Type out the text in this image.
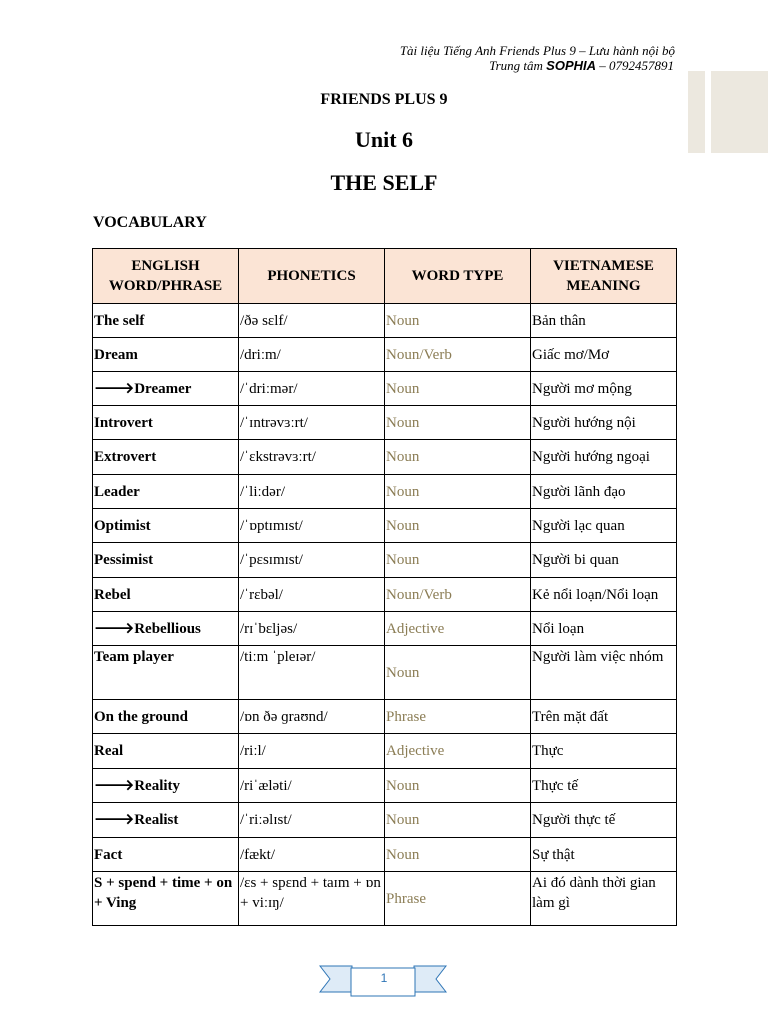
Tài liệu Tiếng Anh Friends Plus 9 – Lưu hành nội bộ
Trung tâm SOPHIA – 0792457891
FRIENDS PLUS 9
Unit 6
THE SELF
VOCABULARY
ENGLISH WORD/PHRASE	PHONETICS	WORD TYPE	VIETNAMESE MEANING
The self	/ðə sɛlf/	Noun	Bản thân
Dream	/driːm/	Noun/Verb	Giấc mơ/Mơ
🡒Dreamer	/ˈdriːmər/	Noun	Người mơ mộng
Introvert	/ˈɪntrəvɜːrt/	Noun	Người hướng nội
Extrovert	/ˈɛkstrəvɜːrt/	Noun	Người hướng ngoại
Leader	/ˈliːdər/	Noun	Người lãnh đạo
Optimist	/ˈɒptɪmɪst/	Noun	Người lạc quan
Pessimist	/ˈpɛsɪmɪst/	Noun	Người bi quan
Rebel	/ˈrɛbəl/	Noun/Verb	Kẻ nổi loạn/Nổi loạn
🡒Rebellious	/rɪˈbɛljəs/	Adjective	Nổi loạn
Team player	/tiːm ˈpleɪər/	Noun	Người làm việc nhóm
On the ground	/ɒn ðə ɡraʊnd/	Phrase	Trên mặt đất
Real	/riːl/	Adjective	Thực
🡒Reality	/riˈæləti/	Noun	Thực tế
🡒Realist	/ˈriːəlɪst/	Noun	Người thực tế
Fact	/fækt/	Noun	Sự thật
S + spend + time + on + Ving	/ɛs + spɛnd + taɪm + ɒn + viːɪŋ/	Phrase	Ai đó dành thời gian làm gì
1
